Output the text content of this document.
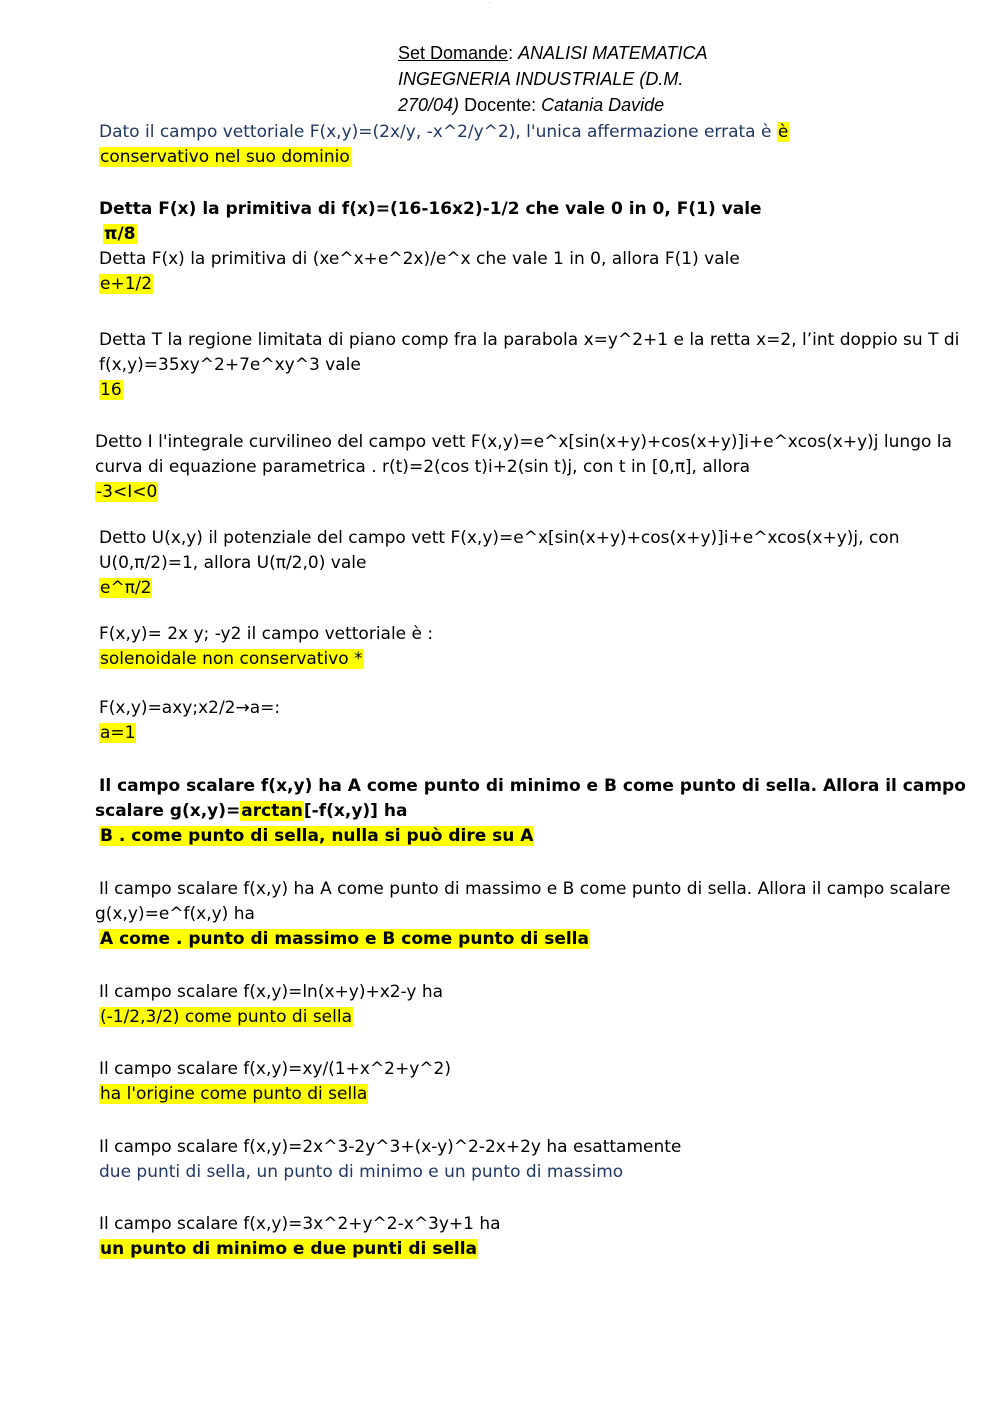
··
Set Domande: ANALISI MATEMATICA
INGEGNERIA INDUSTRIALE (D.M.
270/04) Docente: Catania Davide
Dato il campo vettoriale F(x,y)=(2x/y, -x^2/y^2), l'unica affermazione errata è è
conservativo nel suo dominio
Detta F(x) la primitiva di f(x)=(16-16x2)-1/2 che vale 0 in 0, F(1) vale
π/8
Detta F(x) la primitiva di (xe^x+e^2x)/e^x che vale 1 in 0, allora F(1) vale
e+1/2
Detta T la regione limitata di piano comp fra la parabola x=y^2+1 e la retta x=2, l’int doppio su T di
f(x,y)=35xy^2+7e^xy^3 vale
16
Detto I l'integrale curvilineo del campo vett F(x,y)=e^x[sin(x+y)+cos(x+y)]i+e^xcos(x+y)j lungo la
curva di equazione parametrica . r(t)=2(cos t)i+2(sin t)j, con t in [0,π], allora
-3<I<0
Detto U(x,y) il potenziale del campo vett F(x,y)=e^x[sin(x+y)+cos(x+y)]i+e^xcos(x+y)j, con
U(0,π/2)=1, allora U(π/2,0) vale
e^π/2
F(x,y)= 2x y; -y2 il campo vettoriale è :
solenoidale non conservativo *
F(x,y)=axy;x2/2→a=:
a=1
Il campo scalare f(x,y) ha A come punto di minimo e B come punto di sella. Allora il campo
scalare g(x,y)=arctan[-f(x,y)] ha
B . come punto di sella, nulla si può dire su A
Il campo scalare f(x,y) ha A come punto di massimo e B come punto di sella. Allora il campo scalare
g(x,y)=e^f(x,y) ha
A come . punto di massimo e B come punto di sella
Il campo scalare f(x,y)=ln(x+y)+x2-y ha
(-1/2,3/2) come punto di sella
Il campo scalare f(x,y)=xy/(1+x^2+y^2)
ha l'origine come punto di sella
Il campo scalare f(x,y)=2x^3-2y^3+(x-y)^2-2x+2y ha esattamente
due punti di sella, un punto di minimo e un punto di massimo
Il campo scalare f(x,y)=3x^2+y^2-x^3y+1 ha
un punto di minimo e due punti di sella
